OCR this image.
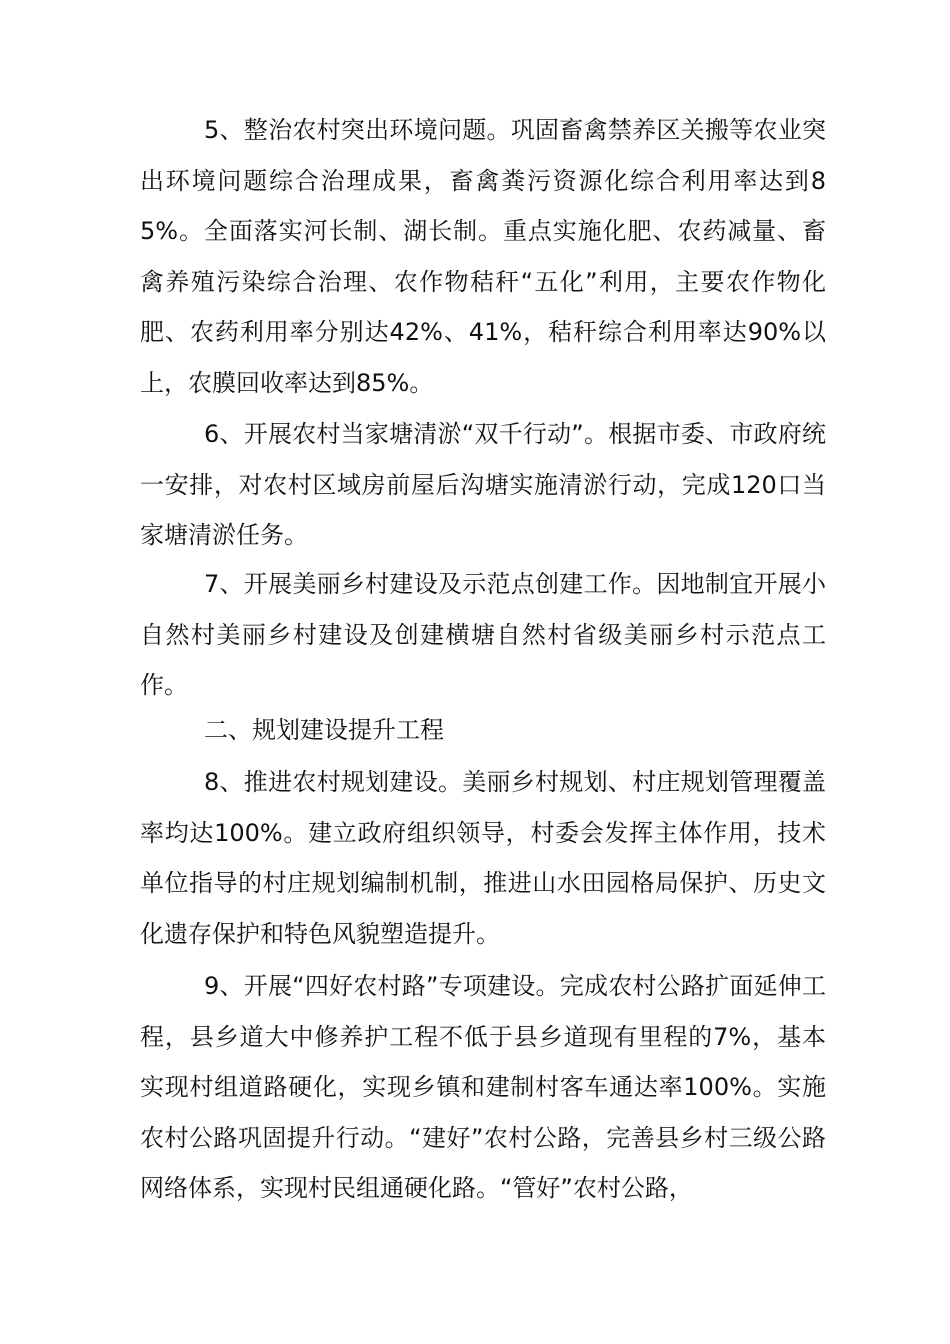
5、整治农村突出环境问题。巩固畜禽禁养区关搬等农业突出环境问题综合治理成果，畜禽粪污资源化综合利用率达到85%。全面落实河长制、湖长制。重点实施化肥、农药减量、畜禽养殖污染综合治理、农作物秸秆“五化”利用，主要农作物化肥、农药利用率分别达42%、41%，秸秆综合利用率达90%以上，农膜回收率达到85%。

6、开展农村当家塘清淤“双千行动”。根据市委、市政府统一安排，对农村区域房前屋后沟塘实施清淤行动，完成120口当家塘清淤任务。

7、开展美丽乡村建设及示范点创建工作。因地制宜开展小自然村美丽乡村建设及创建横塘自然村省级美丽乡村示范点工作。

二、规划建设提升工程

8、推进农村规划建设。美丽乡村规划、村庄规划管理覆盖率均达100%。建立政府组织领导，村委会发挥主体作用，技术单位指导的村庄规划编制机制，推进山水田园格局保护、历史文化遗存保护和特色风貌塑造提升。

9、开展“四好农村路”专项建设。完成农村公路扩面延伸工程，县乡道大中修养护工程不低于县乡道现有里程的7%，基本实现村组道路硬化，实现乡镇和建制村客车通达率100%。实施农村公路巩固提升行动。“建好”农村公路，完善县乡村三级公路网络体系，实现村民组通硬化路。“管好”农村公路，
